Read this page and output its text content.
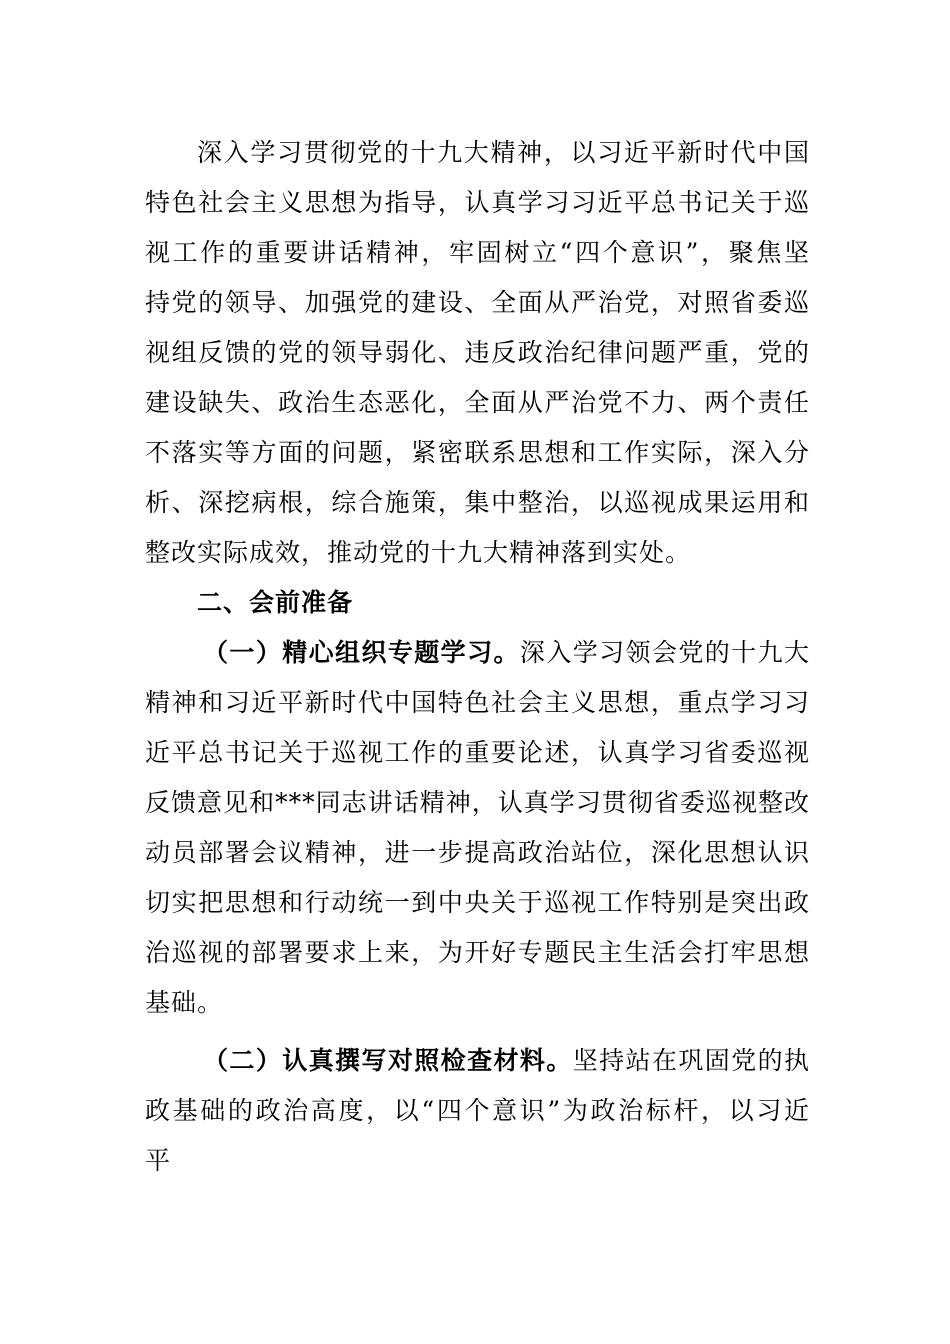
深入学习贯彻党的十九大精神，以习近平新时代中国
特色社会主义思想为指导，认真学习习近平总书记关于巡
视工作的重要讲话精神，牢固树立“四个意识”，聚焦坚
持党的领导、加强党的建设、全面从严治党，对照省委巡
视组反馈的党的领导弱化、违反政治纪律问题严重，党的
建设缺失、政治生态恶化，全面从严治党不力、两个责任
不落实等方面的问题，紧密联系思想和工作实际，深入分
析、深挖病根，综合施策，集中整治，以巡视成果运用和
整改实际成效，推动党的十九大精神落到实处。
二、会前准备
（一）精心组织专题学习。深入学习领会党的十九大
精神和习近平新时代中国特色社会主义思想，重点学习习
近平总书记关于巡视工作的重要论述，认真学习省委巡视
反馈意见和***同志讲话精神，认真学习贯彻省委巡视整改
动员部署会议精神，进一步提高政治站位，深化思想认识
切实把思想和行动统一到中央关于巡视工作特别是突出政
治巡视的部署要求上来，为开好专题民主生活会打牢思想
基础。
（二）认真撰写对照检查材料。坚持站在巩固党的执
政基础的政治高度，以“四个意识”为政治标杆，以习近
平
